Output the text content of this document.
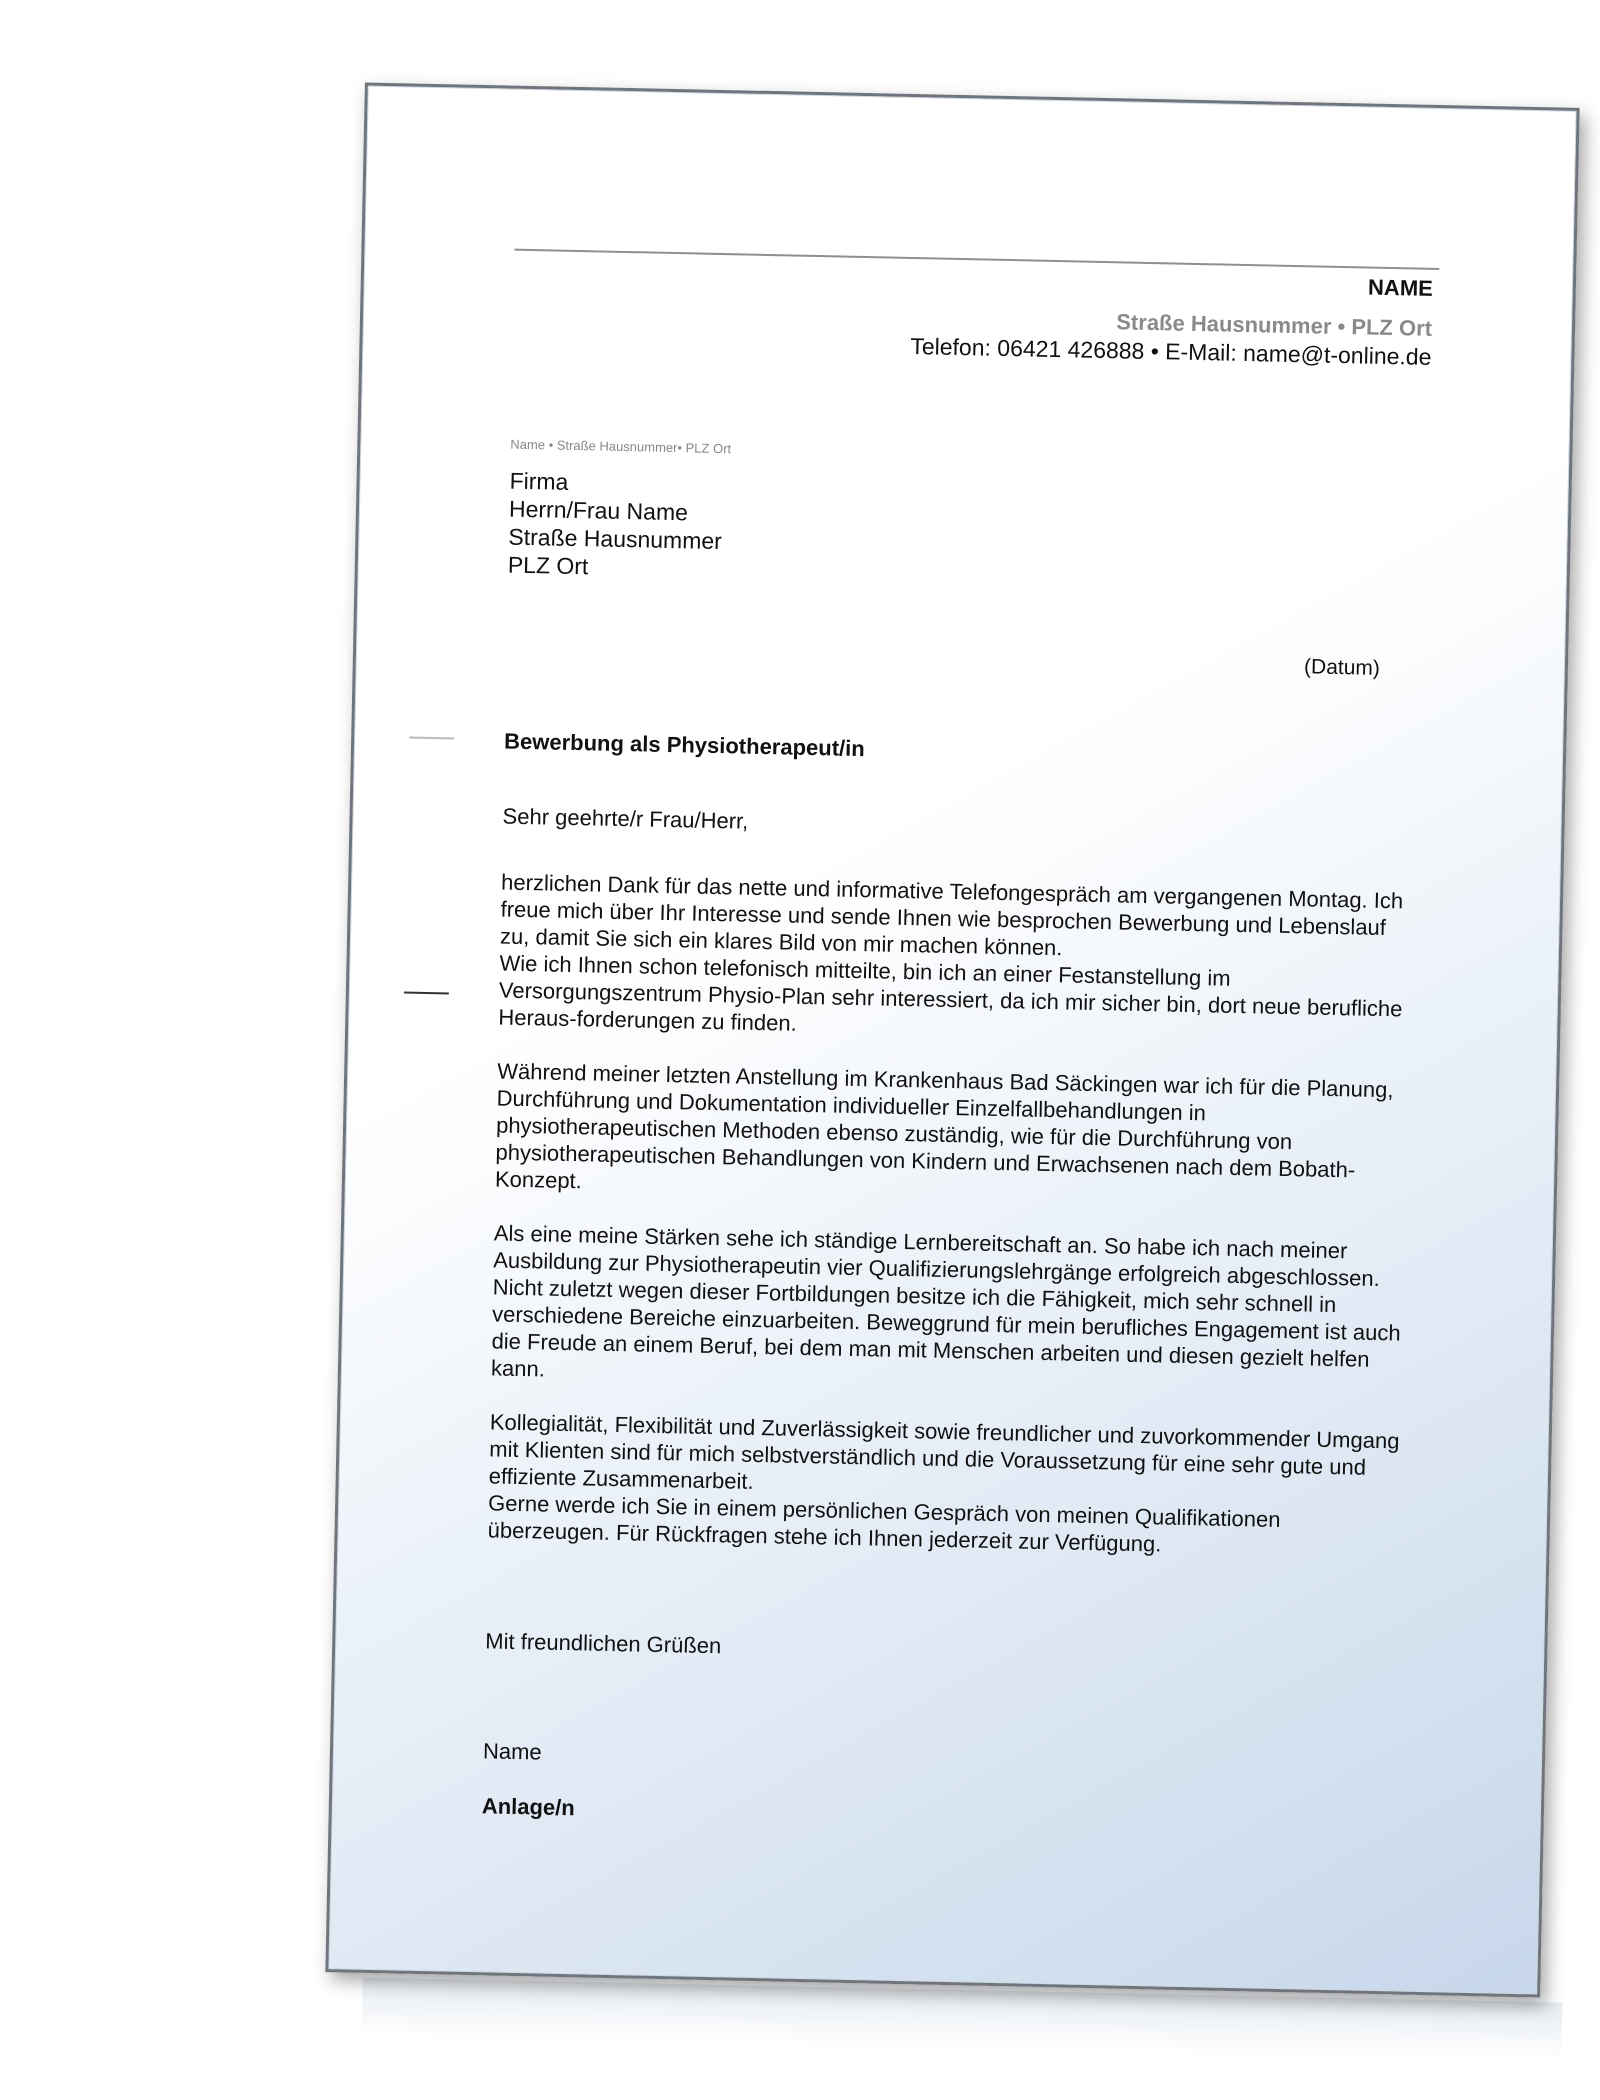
NAME
Straße Hausnummer • PLZ Ort
Telefon: 06421 426888 • E-Mail: name@t-online.de
Name • Straße Hausnummer• PLZ Ort
Firma
Herrn/Frau Name
Straße Hausnummer
PLZ Ort
(Datum)
Bewerbung als Physiotherapeut/in
Sehr geehrte/r Frau/Herr,

herzlichen Dank für das nette und informative Telefongespräch am vergangenen Montag. Ich freue mich über Ihr Interesse und sende Ihnen wie besprochen Bewerbung und Lebenslauf zu, damit Sie sich ein klares Bild von mir machen können.
Wie ich Ihnen schon telefonisch mitteilte, bin ich an einer Festanstellung im Versorgungszentrum Physio-Plan sehr interessiert, da ich mir sicher bin, dort neue berufliche Heraus-forderungen zu finden.

Während meiner letzten Anstellung im Krankenhaus Bad Säckingen war ich für die Planung, Durchführung und Dokumentation individueller Einzelfallbehandlungen in physiotherapeutischen Methoden ebenso zuständig, wie für die Durchführung von physiotherapeutischen Behandlungen von Kindern und Erwachsenen nach dem Bobath-Konzept.

Als eine meine Stärken sehe ich ständige Lernbereitschaft an. So habe ich nach meiner Ausbildung zur Physiotherapeutin vier Qualifizierungslehrgänge erfolgreich abgeschlossen. Nicht zuletzt wegen dieser Fortbildungen besitze ich die Fähigkeit, mich sehr schnell in verschiedene Bereiche einzuarbeiten. Beweggrund für mein berufliches Engagement ist auch die Freude an einem Beruf, bei dem man mit Menschen arbeiten und diesen gezielt helfen kann.

Kollegialität, Flexibilität und Zuverlässigkeit sowie freundlicher und zuvorkommender Umgang mit Klienten sind für mich selbstverständlich und die Voraussetzung für eine sehr gute und effiziente Zusammenarbeit.
Gerne werde ich Sie in einem persönlichen Gespräch von meinen Qualifikationen überzeugen. Für Rückfragen stehe ich Ihnen jederzeit zur Verfügung.

Mit freundlichen Grüßen
Name
Anlage/n
